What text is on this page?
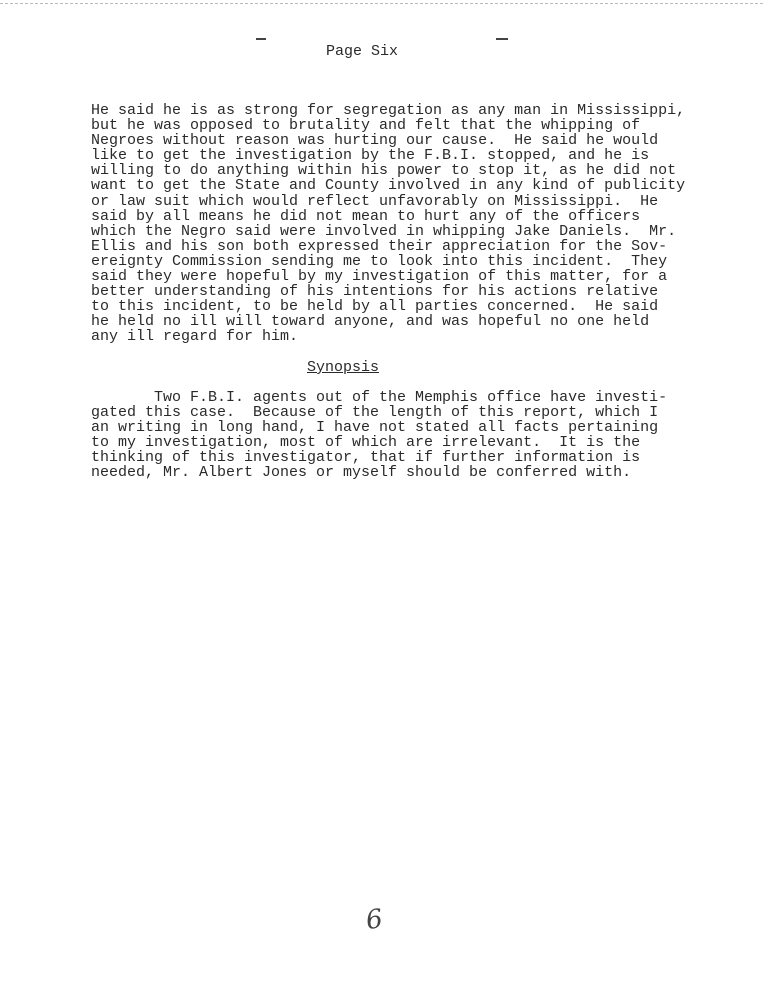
Page Six
He said he is as strong for segregation as any man in Mississippi,
but he was opposed to brutality and felt that the whipping of
Negroes without reason was hurting our cause.  He said he would
like to get the investigation by the F.B.I. stopped, and he is
willing to do anything within his power to stop it, as he did not
want to get the State and County involved in any kind of publicity
or law suit which would reflect unfavorably on Mississippi.  He
said by all means he did not mean to hurt any of the officers
which the Negro said were involved in whipping Jake Daniels.  Mr.
Ellis and his son both expressed their appreciation for the Sov-
ereignty Commission sending me to look into this incident.  They
said they were hopeful by my investigation of this matter, for a
better understanding of his intentions for his actions relative
to this incident, to be held by all parties concerned.  He said
he held no ill will toward anyone, and was hopeful no one held
any ill regard for him.
Synopsis
Two F.B.I. agents out of the Memphis office have investi-
gated this case.  Because of the length of this report, which I
an writing in long hand, I have not stated all facts pertaining
to my investigation, most of which are irrelevant.  It is the
thinking of this investigator, that if further information is
needed, Mr. Albert Jones or myself should be conferred with.
6
